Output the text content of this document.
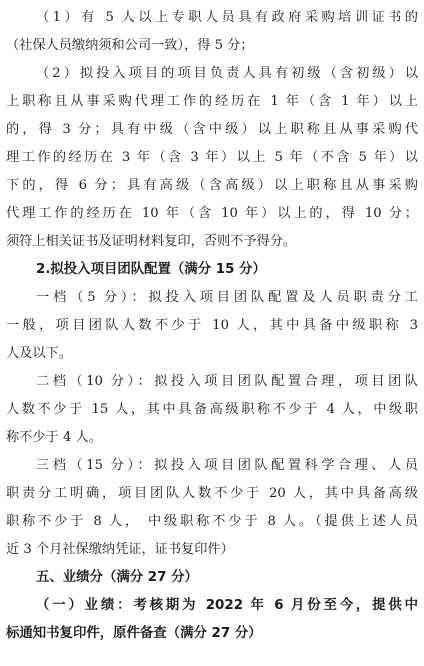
（1）有 5 人以上专职人员具有政府采购培训证书的
（社保人员缴纳须和公司一致），得 5 分；
（2）拟投入项目的项目负责人具有初级（含初级）以
上职称且从事采购代理工作的经历在 1 年（含 1 年）以上
的，得 3 分；具有中级（含中级）以上职称且从事采购代
理工作的经历在 3 年（含 3 年）以上 5 年（不含 5 年）以
下的，得 6 分；具有高级（含高级）以上职称且从事采购
代理工作的经历在 10 年（含 10 年）以上的，得 10 分；
须符上相关证书及证明材料复印，否则不予得分。
2.拟投入项目团队配置（满分 15 分）
一档（5 分）：拟投入项目团队配置及人员职责分工
一般，项目团队人数不少于 10 人，其中具备中级职称 3
人及以下。
二档（10 分）：拟投入项目团队配置合理，项目团队
人数不少于 15 人，其中具备高级职称不少于 4 人，中级职
称不少于 4 人。
三档（15 分）：拟投入项目团队配置科学合理、人员
职责分工明确，项目团队人数不少于 20 人，其中具备高级
职称不少于 8 人， 中级职称不少于 8 人。（提供上述人员
近 3 个月社保缴纳凭证，证书复印件）
五、业绩分（满分 27 分）
（一）业绩：考核期为 2022 年 6 月份至今，提供中
标通知书复印件，原件备查（满分 27 分）
